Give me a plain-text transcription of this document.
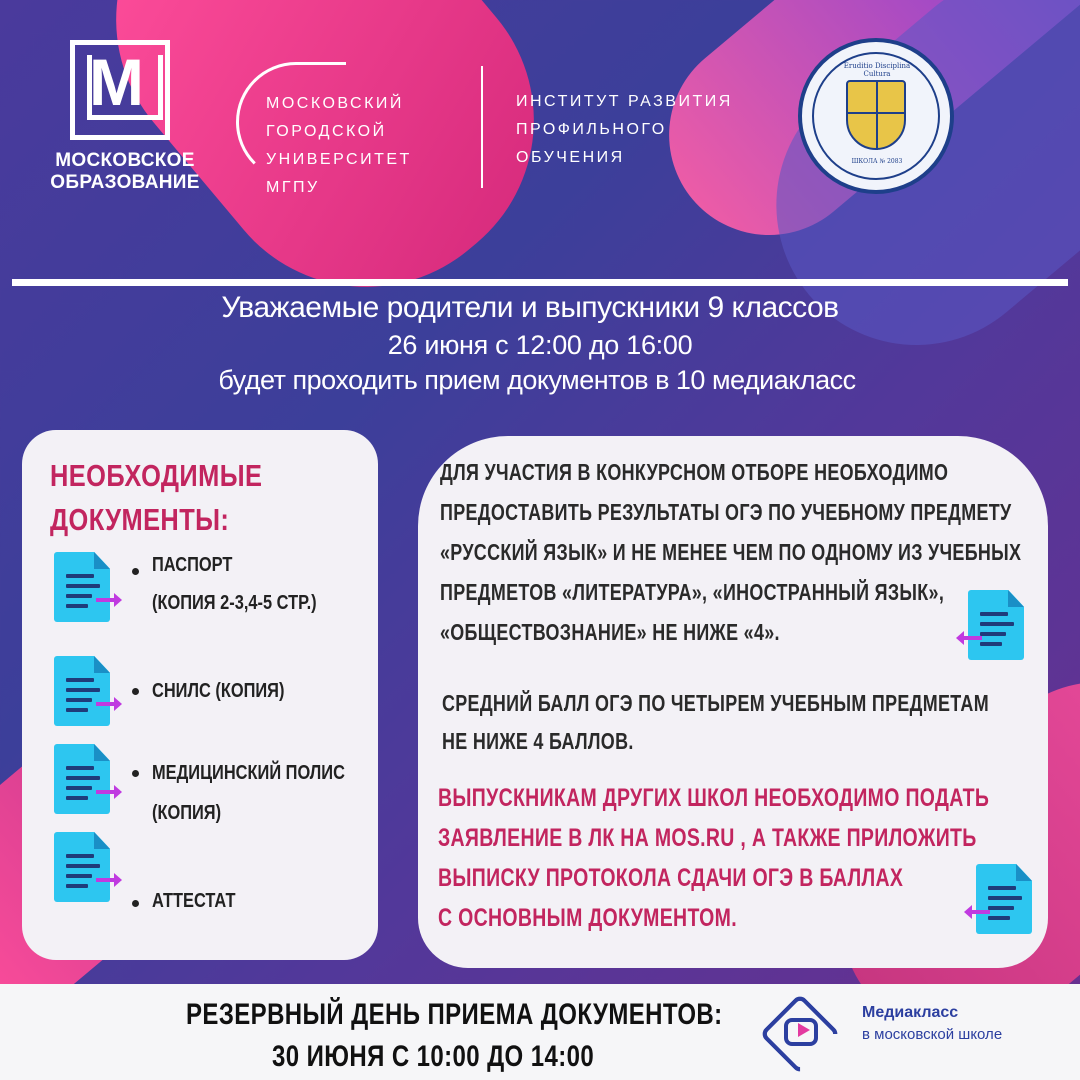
М
МОСКОВСКОЕ
ОБРАЗОВАНИЕ
МОСКОВСКИЙ
ГОРОДСКОЙ
УНИВЕРСИТЕТ
МГПУ
ИНСТИТУТ РАЗВИТИЯ
ПРОФИЛЬНОГО
ОБУЧЕНИЯ
Eruditio Disciplina Cultura
ШКОЛА № 2083
Уважаемые родители и выпускники 9 классов
26 июня с 12:00 до 16:00
будет проходить прием документов в 10 медиакласс
НЕОБХОДИМЫЕ
ДОКУМЕНТЫ:
ПАСПОРТ
(КОПИЯ 2-3,4-5 СТР.)
СНИЛС (КОПИЯ)
МЕДИЦИНСКИЙ ПОЛИС
(КОПИЯ)
АТТЕСТАТ
ДЛЯ УЧАСТИЯ В КОНКУРСНОМ ОТБОРЕ НЕОБХОДИМО
ПРЕДОСТАВИТЬ РЕЗУЛЬТАТЫ ОГЭ ПО УЧЕБНОМУ ПРЕДМЕТУ
«РУССКИЙ ЯЗЫК» И НЕ МЕНЕЕ ЧЕМ ПО ОДНОМУ ИЗ УЧЕБНЫХ
ПРЕДМЕТОВ «ЛИТЕРАТУРА», «ИНОСТРАННЫЙ ЯЗЫК»,
«ОБЩЕСТВОЗНАНИЕ» НЕ НИЖЕ «4».
СРЕДНИЙ БАЛЛ ОГЭ ПО ЧЕТЫРЕМ УЧЕБНЫМ ПРЕДМЕТАМ
НЕ НИЖЕ 4 БАЛЛОВ.
ВЫПУСКНИКАМ ДРУГИХ ШКОЛ НЕОБХОДИМО ПОДАТЬ
ЗАЯВЛЕНИЕ В ЛК НА MOS.RU , А ТАКЖЕ ПРИЛОЖИТЬ
ВЫПИСКУ ПРОТОКОЛА СДАЧИ ОГЭ В БАЛЛАХ
С ОСНОВНЫМ ДОКУМЕНТОМ.
РЕЗЕРВНЫЙ ДЕНЬ ПРИЕМА ДОКУМЕНТОВ:
30 ИЮНЯ С 10:00 ДО 14:00
Медиакласс
в московской школе
